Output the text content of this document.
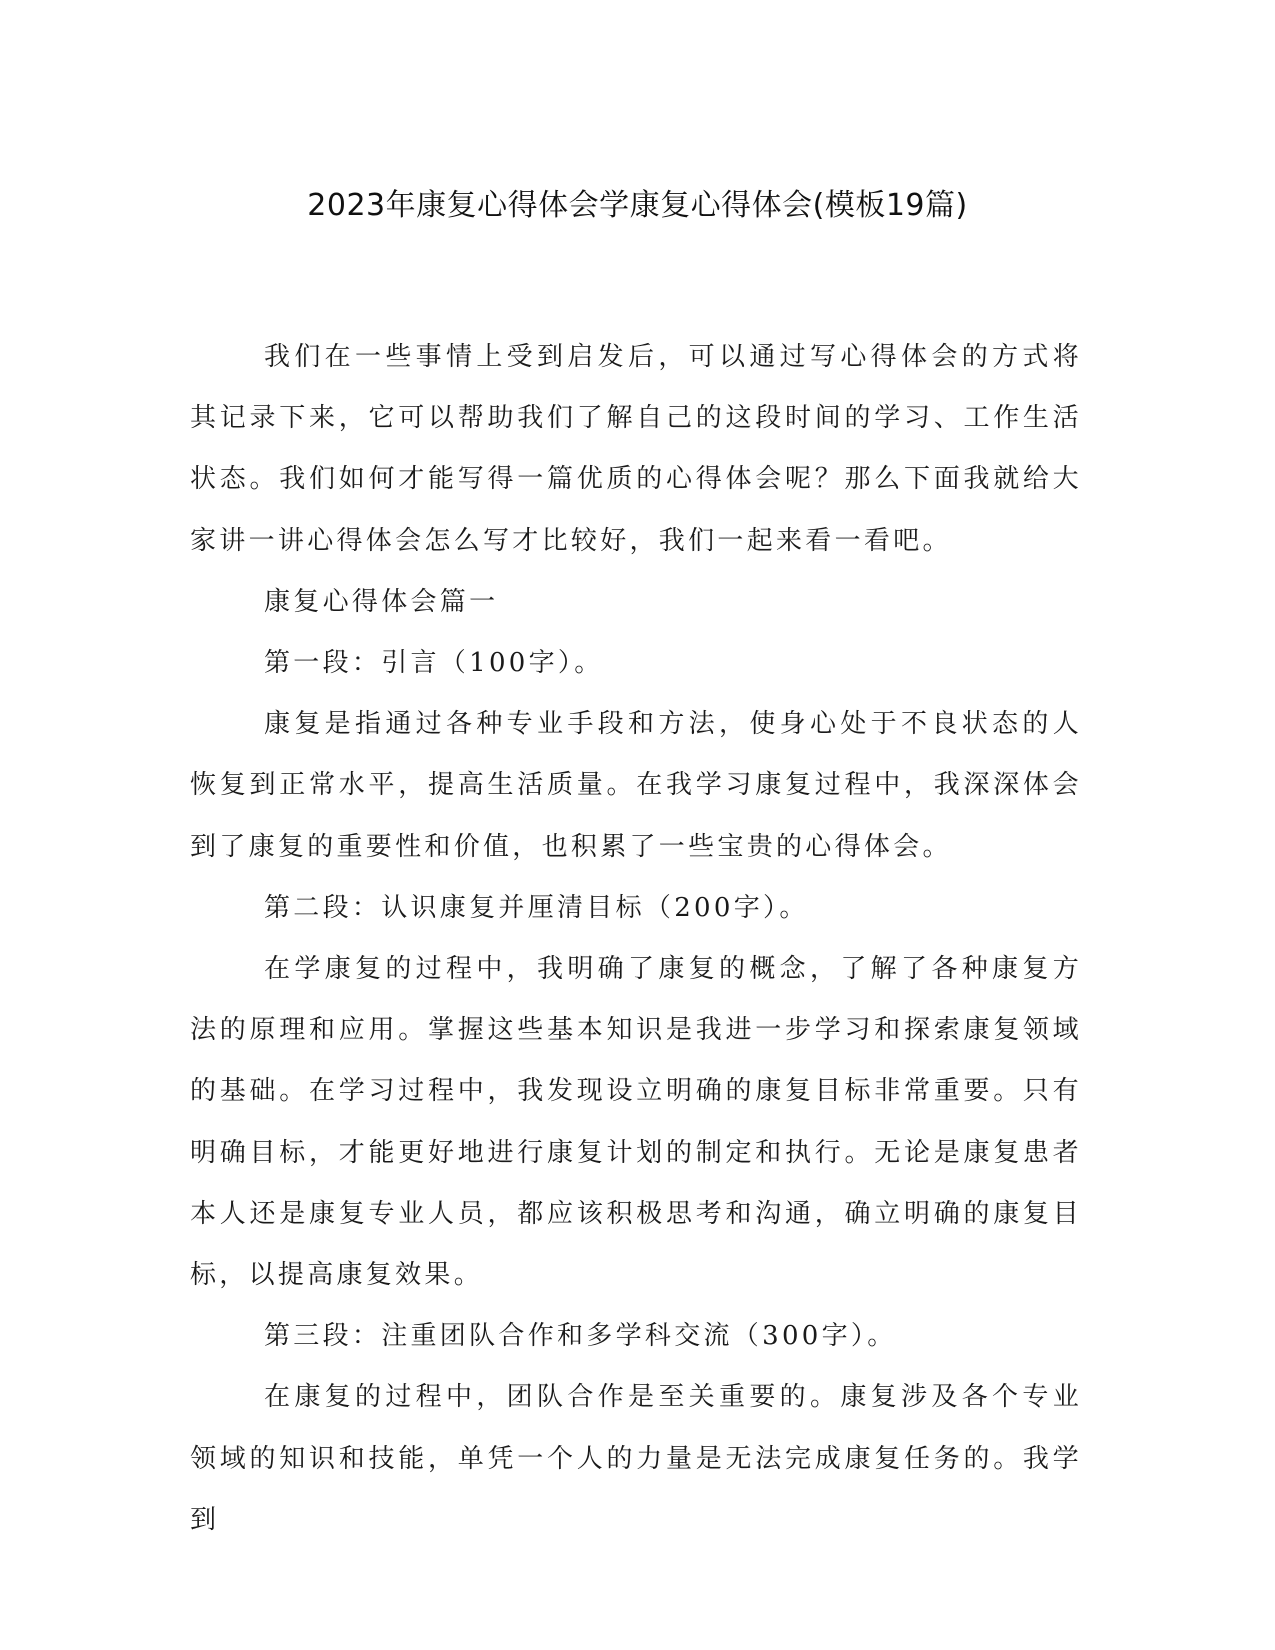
2023年康复心得体会学康复心得体会(模板19篇)

我们在一些事情上受到启发后，可以通过写心得体会的方式将其记录下来，它可以帮助我们了解自己的这段时间的学习、工作生活状态。我们如何才能写得一篇优质的心得体会呢？那么下面我就给大家讲一讲心得体会怎么写才比较好，我们一起来看一看吧。

康复心得体会篇一

第一段：引言（100字）。

康复是指通过各种专业手段和方法，使身心处于不良状态的人恢复到正常水平，提高生活质量。在我学习康复过程中，我深深体会到了康复的重要性和价值，也积累了一些宝贵的心得体会。

第二段：认识康复并厘清目标（200字）。

在学康复的过程中，我明确了康复的概念，了解了各种康复方法的原理和应用。掌握这些基本知识是我进一步学习和探索康复领域的基础。在学习过程中，我发现设立明确的康复目标非常重要。只有明确目标，才能更好地进行康复计划的制定和执行。无论是康复患者本人还是康复专业人员，都应该积极思考和沟通，确立明确的康复目标，以提高康复效果。

第三段：注重团队合作和多学科交流（300字）。

在康复的过程中，团队合作是至关重要的。康复涉及各个专业领域的知识和技能，单凭一个人的力量是无法完成康复任务的。我学到
